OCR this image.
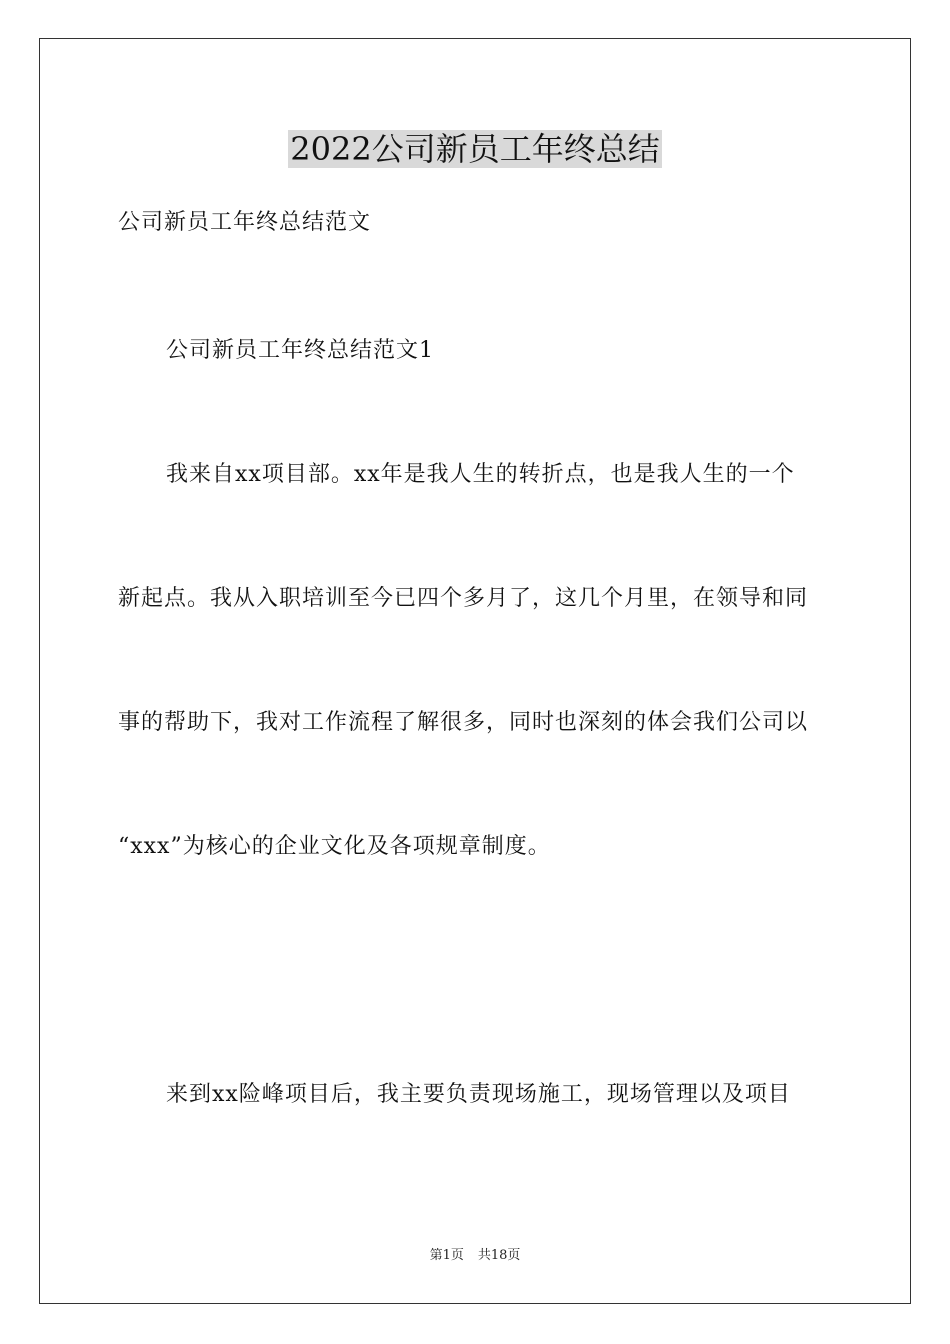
2022公司新员工年终总结

公司新员工年终总结范文

公司新员工年终总结范文1

我来自xx项目部。xx年是我人生的转折点，也是我人生的一个

新起点。我从入职培训至今已四个多月了，这几个月里，在领导和同

事的帮助下，我对工作流程了解很多，同时也深刻的体会我们公司以

“xxx”为核心的企业文化及各项规章制度。

来到xx险峰项目后，我主要负责现场施工，现场管理以及项目

第1页 共18页
